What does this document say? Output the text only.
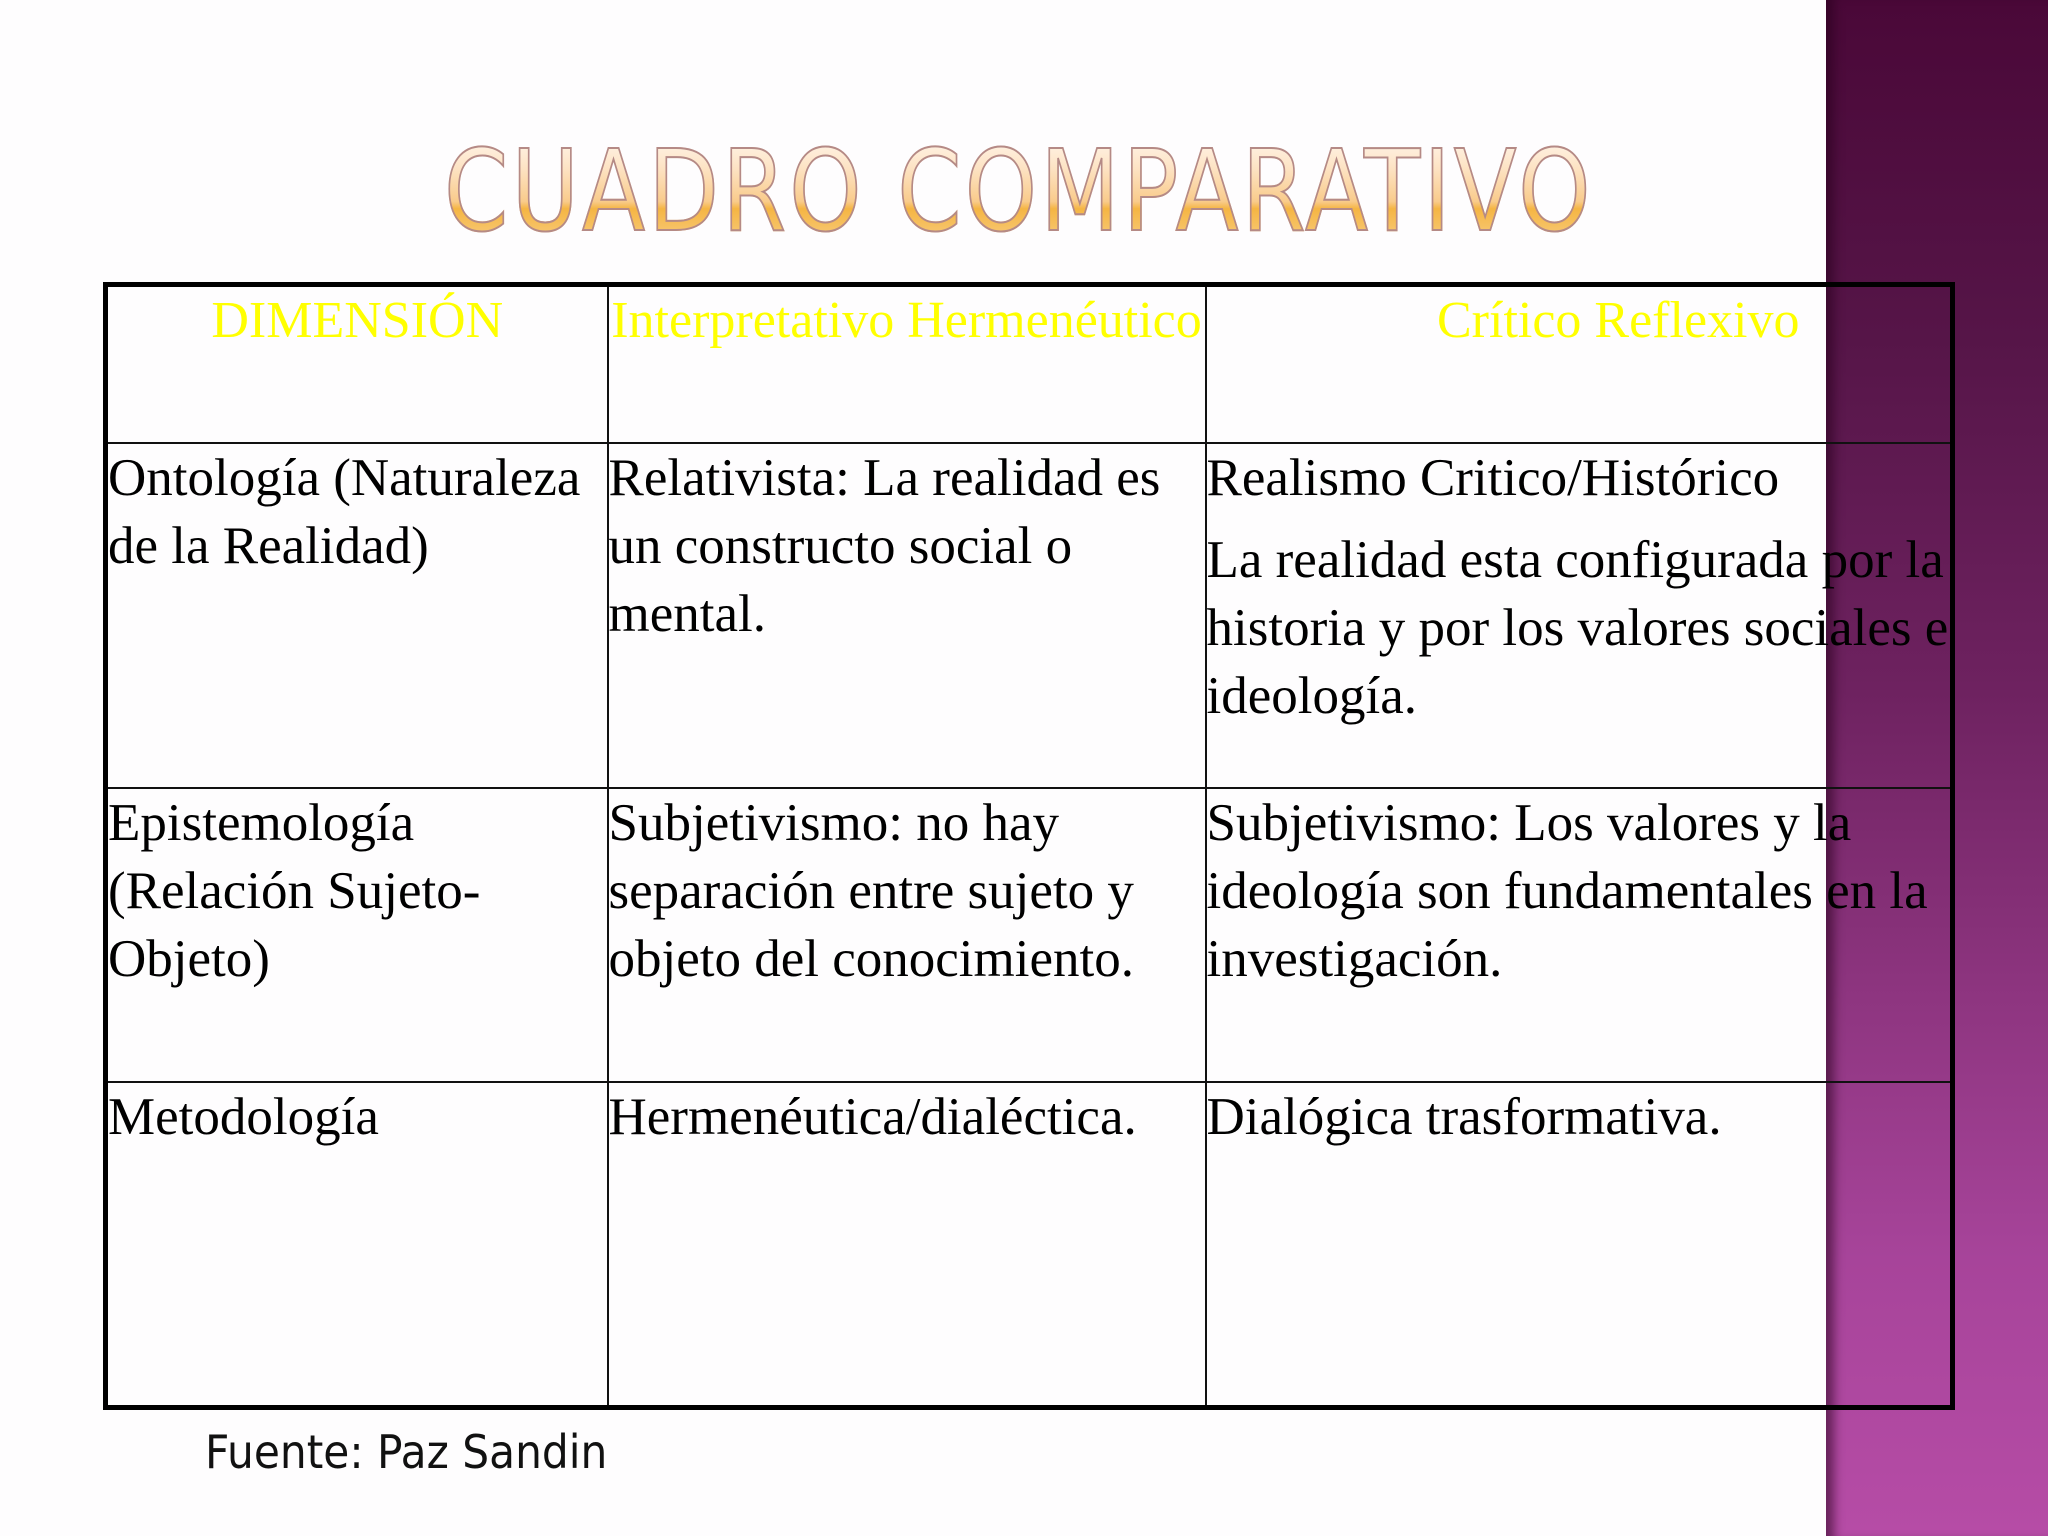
CUADRO COMPARATIVO
DIMENSIÓN	Interpretativo Hermenéutico	Crítico Reflexivo
Ontología (Naturaleza de la Realidad)	Relativista: La realidad es un constructo social o mental.	Realismo Critico/Histórico

La realidad esta configurada por la historia y por los valores sociales e ideología.

Epistemología (Relación Sujeto-Objeto)	Subjetivismo: no hay separación entre sujeto y objeto del conocimiento.	Subjetivismo: Los valores y la ideología son fundamentales en la investigación.

Metodología	Hermenéutica/dialéctica.	Dialógica trasformativa.

Fuente: Paz Sandin
